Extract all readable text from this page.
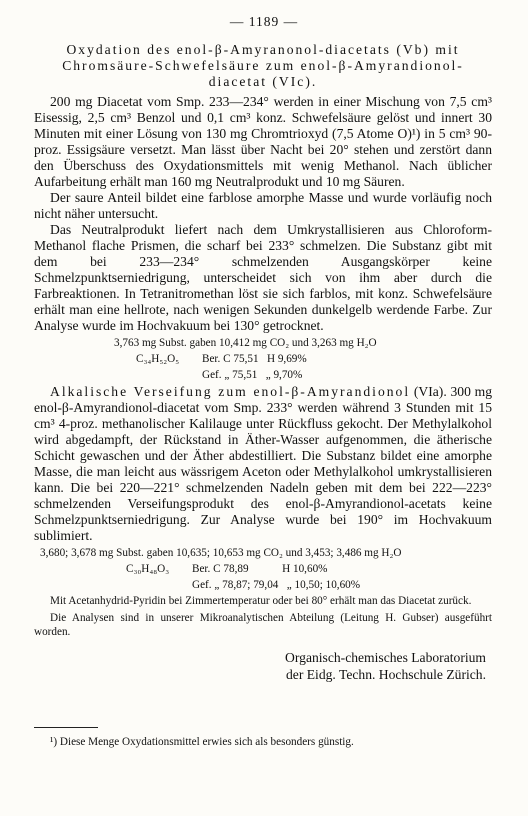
— 1189 —
Oxydation des enol-β-Amyranonol-diacetats (Vb) mit
Chromsäure-Schwefelsäure zum enol-β-Amyrandionol-
diacetat (VIc).

200 mg Diacetat vom Smp. 233—234° werden in einer Mischung von 7,5 cm³ Eisessig, 2,5 cm³ Benzol und 0,1 cm³ konz. Schwefelsäure gelöst und innert 30 Minuten mit einer Lösung von 130 mg Chromtrioxyd (7,5 Atome O)¹) in 5 cm³ 90-proz. Essigsäure versetzt. Man lässt über Nacht bei 20° stehen und zerstört dann den Überschuss des Oxydationsmittels mit wenig Methanol. Nach üblicher Aufarbeitung erhält man 160 mg Neutralprodukt und 10 mg Säuren.

Der saure Anteil bildet eine farblose amorphe Masse und wurde vorläufig noch nicht näher untersucht.

Das Neutralprodukt liefert nach dem Umkrystallisieren aus Chloroform-Methanol flache Prismen, die scharf bei 233° schmelzen. Die Substanz gibt mit dem bei 233—234° schmelzenden Ausgangskörper keine Schmelzpunktserniedrigung, unterscheidet sich von ihm aber durch die Farbreaktionen. In Tetranitromethan löst sie sich farblos, mit konz. Schwefelsäure erhält man eine hellrote, nach wenigen Sekunden dunkelgelb werdende Farbe. Zur Analyse wurde im Hochvakuum bei 130° getrocknet.

3,763 mg Subst. gaben 10,412 mg CO₂ und 3,263 mg H₂O
C₃₄H₅₂O₅	Ber. C 75,51   H 9,69%
Gef. „ 75,51   „ 9,70%

Alkalische Verseifung zum enol-β-Amyrandionol (VIa). 300 mg enol-β-Amyrandionol-diacetat vom Smp. 233° werden während 3 Stunden mit 15 cm³ 4-proz. methanolischer Kalilauge unter Rückfluss gekocht. Der Methylalkohol wird abgedampft, der Rückstand in Äther-Wasser aufgenommen, die ätherische Schicht gewaschen und der Äther abdestilliert. Die Substanz bildet eine amorphe Masse, die man leicht aus wässrigem Aceton oder Methylalkohol umkrystallisieren kann. Die bei 220—221° schmelzenden Nadeln geben mit dem bei 222—223° schmelzenden Verseifungsprodukt des enol-β-Amyrandionol-acetats keine Schmelzpunktserniedrigung. Zur Analyse wurde bei 190° im Hochvakuum sublimiert.

3,680; 3,678 mg Subst. gaben 10,635; 10,653 mg CO₂ und 3,453; 3,486 mg H₂O
C₃₀H₄₈O₃	Ber. C 78,89            H 10,60%
Gef. „ 78,87; 79,04   „ 10,50; 10,60%
Mit Acetanhydrid-Pyridin bei Zimmertemperatur oder bei 80° erhält man das Diacetat zurück.
Die Analysen sind in unserer Mikroanalytischen Abteilung (Leitung H. Gubser) ausgeführt worden.
Organisch-chemisches Laboratorium
der Eidg. Techn. Hochschule Zürich.
¹) Diese Menge Oxydationsmittel erwies sich als besonders günstig.
